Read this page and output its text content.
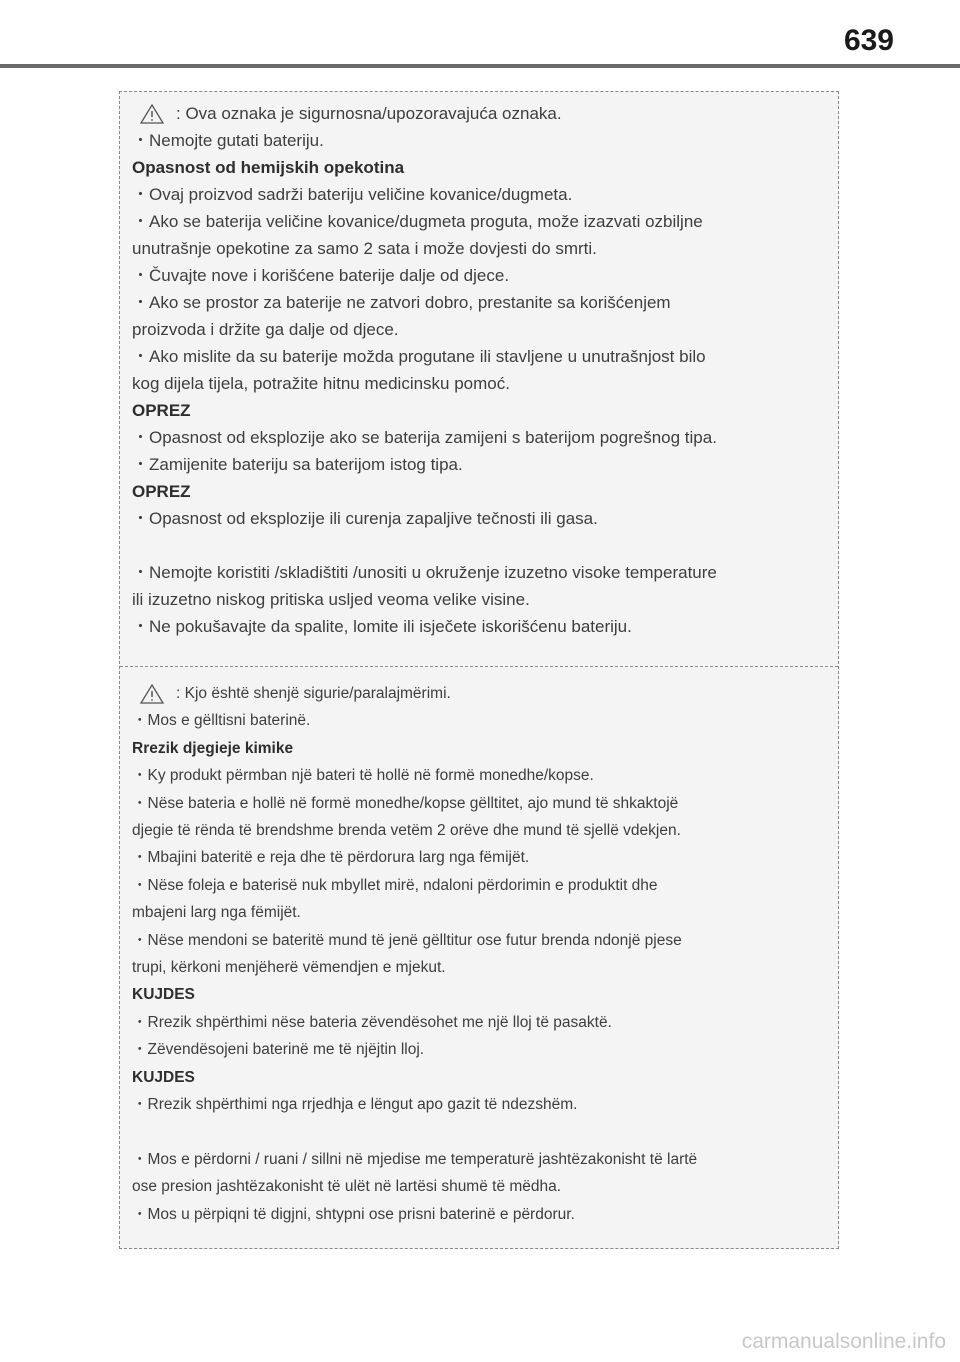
639
: Ova oznaka je sigurnosna/upozoravajuća oznaka.

・Nemojte gutati bateriju.

Opasnost od hemijskih opekotina

・Ovaj proizvod sadrži bateriju veličine kovanice/dugmeta.

・Ako se baterija veličine kovanice/dugmeta proguta, može izazvati ozbiljne

unutrašnje opekotine za samo 2 sata i može dovjesti do smrti.

・Čuvajte nove i korišćene baterije dalje od djece.

・Ako se prostor za baterije ne zatvori dobro, prestanite sa korišćenjem

proizvoda i držite ga dalje od djece.

・Ako mislite da su baterije možda progutane ili stavljene u unutrašnjost bilo

kog dijela tijela, potražite hitnu medicinsku pomoć.

OPREZ

・Opasnost od eksplozije ako se baterija zamijeni s baterijom pogrešnog tipa.

・Zamijenite bateriju sa baterijom istog tipa.

OPREZ

・Opasnost od eksplozije ili curenja zapaljive tečnosti ili gasa.

・Nemojte koristiti /skladištiti /unositi u okruženje izuzetno visoke temperature

ili izuzetno niskog pritiska usljed veoma velike visine.

・Ne pokušavajte da spalite, lomite ili isječete iskorišćenu bateriju.

: Kjo është shenjë sigurie/paralajmërimi.

・Mos e gëlltisni baterinë.

Rrezik djegieje kimike

・Ky produkt përmban një bateri të hollë në formë monedhe/kopse.

・Nëse bateria e hollë në formë monedhe/kopse gëlltitet, ajo mund të shkaktojë

djegie të rënda të brendshme brenda vetëm 2 orëve dhe mund të sjellë vdekjen.

・Mbajini bateritë e reja dhe të përdorura larg nga fëmijët.

・Nëse foleja e baterisë nuk mbyllet mirë, ndaloni përdorimin e produktit dhe

mbajeni larg nga fëmijët.

・Nëse mendoni se bateritë mund të jenë gëlltitur ose futur brenda ndonjë pjese

trupi, kërkoni menjëherë vëmendjen e mjekut.

KUJDES

・Rrezik shpërthimi nëse bateria zëvendësohet me një lloj të pasaktë.

・Zëvendësojeni baterinë me të njëjtin lloj.

KUJDES

・Rrezik shpërthimi nga rrjedhja e lëngut apo gazit të ndezshëm.

・Mos e përdorni / ruani / sillni në mjedise me temperaturë jashtëzakonisht të lartë

ose presion jashtëzakonisht të ulët në lartësi shumë të mëdha.

・Mos u përpiqni të digjni, shtypni ose prisni baterinë e përdorur.

carmanualsonline.info
